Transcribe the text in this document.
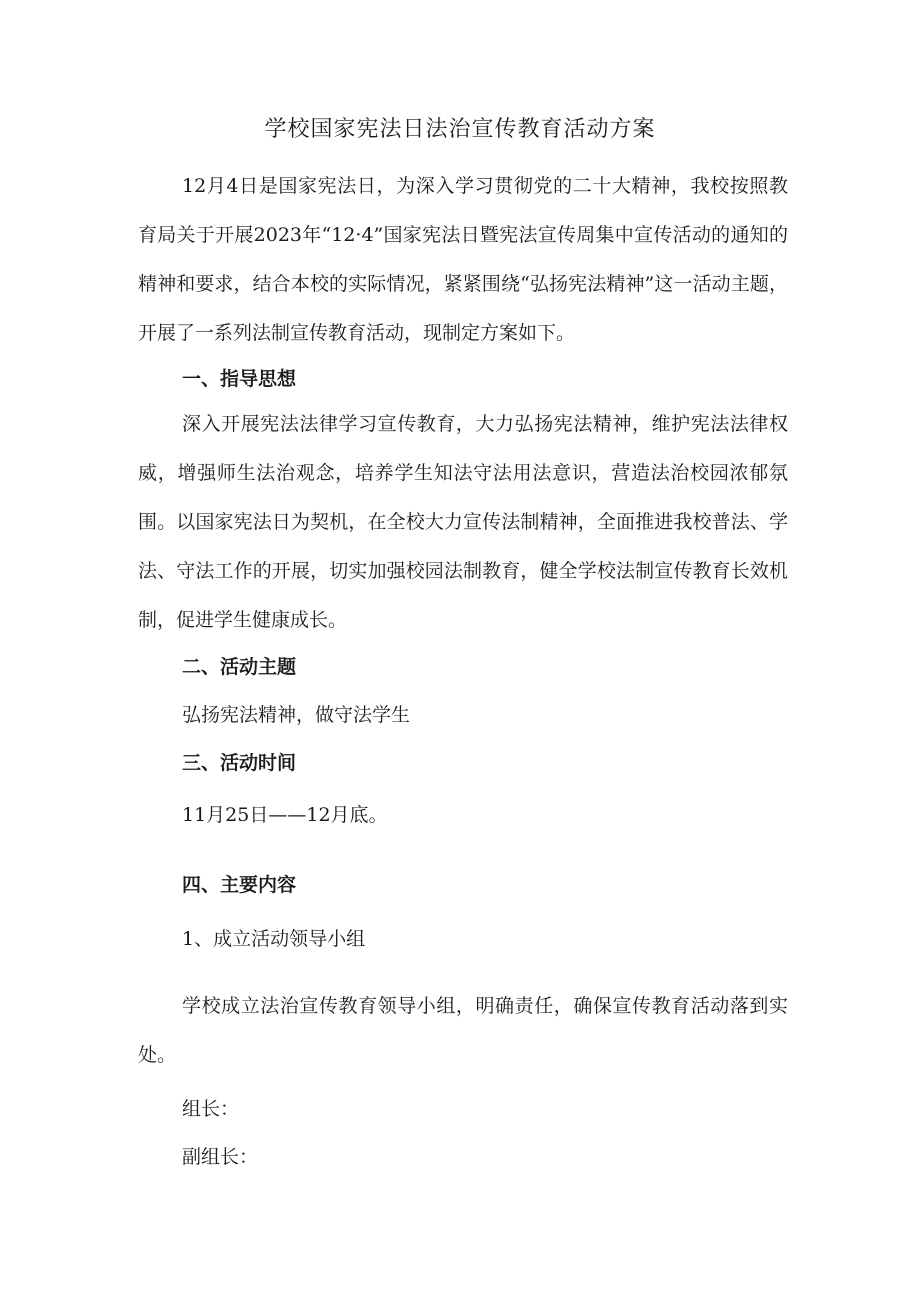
学校国家宪法日法治宣传教育活动方案

12月4日是国家宪法日，为深入学习贯彻党的二十大精神，我校按照教育局关于开展2023年“12·4”国家宪法日暨宪法宣传周集中宣传活动的通知的精神和要求，结合本校的实际情况，紧紧围绕“弘扬宪法精神”这一活动主题，开展了一系列法制宣传教育活动，现制定方案如下。

一、指导思想

深入开展宪法法律学习宣传教育，大力弘扬宪法精神，维护宪法法律权威，增强师生法治观念，培养学生知法守法用法意识，营造法治校园浓郁氛围。以国家宪法日为契机，在全校大力宣传法制精神，全面推进我校普法、学法、守法工作的开展，切实加强校园法制教育，健全学校法制宣传教育长效机制，促进学生健康成长。

二、活动主题
弘扬宪法精神，做守法学生
三、活动时间
11月25日——12月底。
四、主要内容
1、成立活动领导小组

学校成立法治宣传教育领导小组，明确责任，确保宣传教育活动落到实处。

组长：
副组长：
